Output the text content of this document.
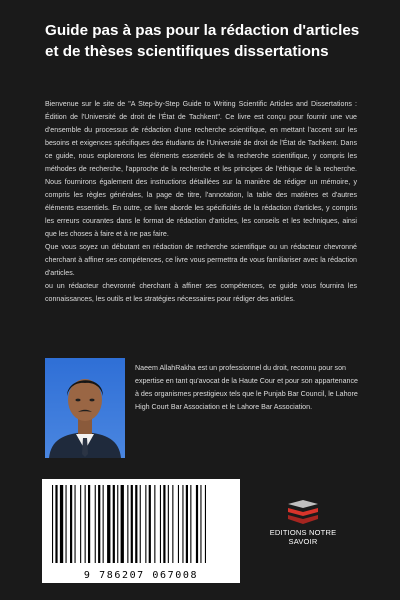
Guide pas à pas pour la rédaction d'articles et de thèses scientifiques dissertations

Bienvenue sur le site de "A Step-by-Step Guide to Writing Scientific Articles and Dissertations : Édition de l'Université de droit de l'État de Tachkent". Ce livre est conçu pour fournir une vue d'ensemble du processus de rédaction d'une recherche scientifique, en mettant l'accent sur les besoins et exigences spécifiques des étudiants de l'Université de droit de l'État de Tachkent. Dans ce guide, nous explorerons les éléments essentiels de la recherche scientifique, y compris les méthodes de recherche, l'approche de la recherche et les principes de l'éthique de la recherche. Nous fournirons également des instructions détaillées sur la manière de rédiger un mémoire, y compris les règles générales, la page de titre, l'annotation, la table des matières et d'autres éléments essentiels. En outre, ce livre aborde les spécificités de la rédaction d'articles, y compris les erreurs courantes dans le format de rédaction d'articles, les conseils et les techniques, ainsi que les choses à faire et à ne pas faire.

Que vous soyez un débutant en rédaction de recherche scientifique ou un rédacteur chevronné cherchant à affiner ses compétences, ce livre vous permettra de vous familiariser avec la rédaction d'articles.

ou un rédacteur chevronné cherchant à affiner ses compétences, ce guide vous fournira les connaissances, les outils et les stratégies nécessaires pour rédiger des articles.

Naeem AllahRakha est un professionnel du droit, reconnu pour son expertise en tant qu'avocat de la Haute Cour et pour son appartenance à des organismes prestigieux tels que le Punjab Bar Council, le Lahore High Court Bar Association et le Lahore Bar Association.
9 786207 067008
EDITIONS NOTRE SAVOIR
